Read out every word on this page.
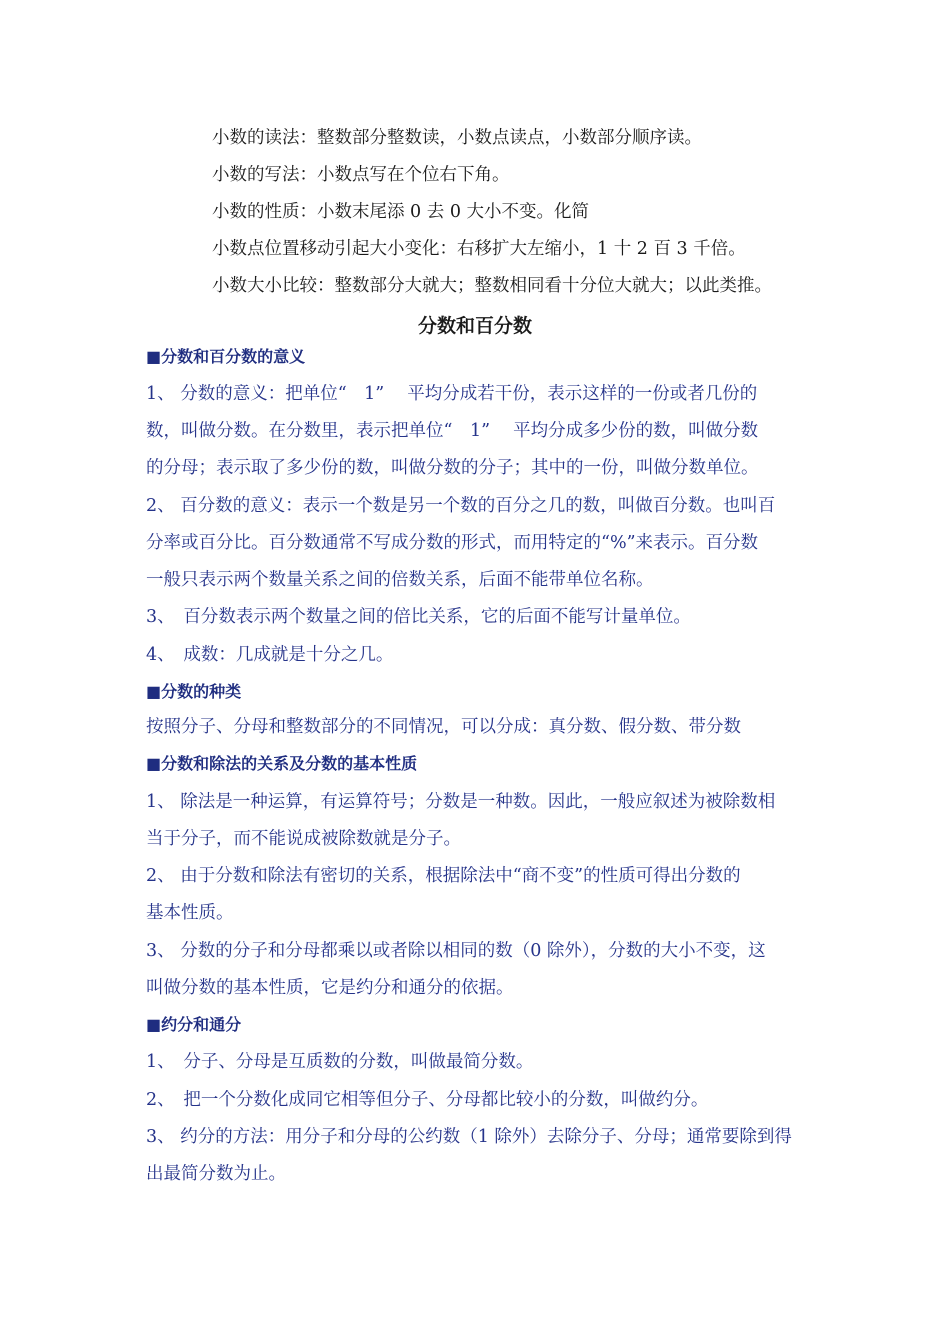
小数的读法：整数部分整数读，小数点读点，小数部分顺序读。
小数的写法：小数点写在个位右下角。
小数的性质：小数末尾添 0 去 0 大小不变。化简
小数点位置移动引起大小变化：右移扩大左缩小，1 十 2 百 3 千倍。
小数大小比较：整数部分大就大；整数相同看十分位大就大；以此类推。
分数和百分数
■分数和百分数的意义
1、 分数的意义：把单位“　1”　 平均分成若干份，表示这样的一份或者几份的
数，叫做分数。在分数里，表示把单位“　1”　 平均分成多少份的数，叫做分数
的分母；表示取了多少份的数，叫做分数的分子；其中的一份，叫做分数单位。
2、 百分数的意义：表示一个数是另一个数的百分之几的数，叫做百分数。也叫百
分率或百分比。百分数通常不写成分数的形式，而用特定的“%”来表示。百分数
一般只表示两个数量关系之间的倍数关系，后面不能带单位名称。
3、　百分数表示两个数量之间的倍比关系，它的后面不能写计量单位。
4、　成数：几成就是十分之几。
■分数的种类
按照分子、分母和整数部分的不同情况，可以分成：真分数、假分数、带分数
■分数和除法的关系及分数的基本性质
1、 除法是一种运算，有运算符号；分数是一种数。因此，一般应叙述为被除数相
当于分子，而不能说成被除数就是分子。
2、 由于分数和除法有密切的关系，根据除法中“商不变”的性质可得出分数的
基本性质。
3、 分数的分子和分母都乘以或者除以相同的数（0 除外），分数的大小不变，这
叫做分数的基本性质，它是约分和通分的依据。
■约分和通分
1、　分子、分母是互质数的分数，叫做最简分数。
2、　把一个分数化成同它相等但分子、分母都比较小的分数，叫做约分。
3、 约分的方法：用分子和分母的公约数（1 除外）去除分子、分母；通常要除到得
出最简分数为止。
